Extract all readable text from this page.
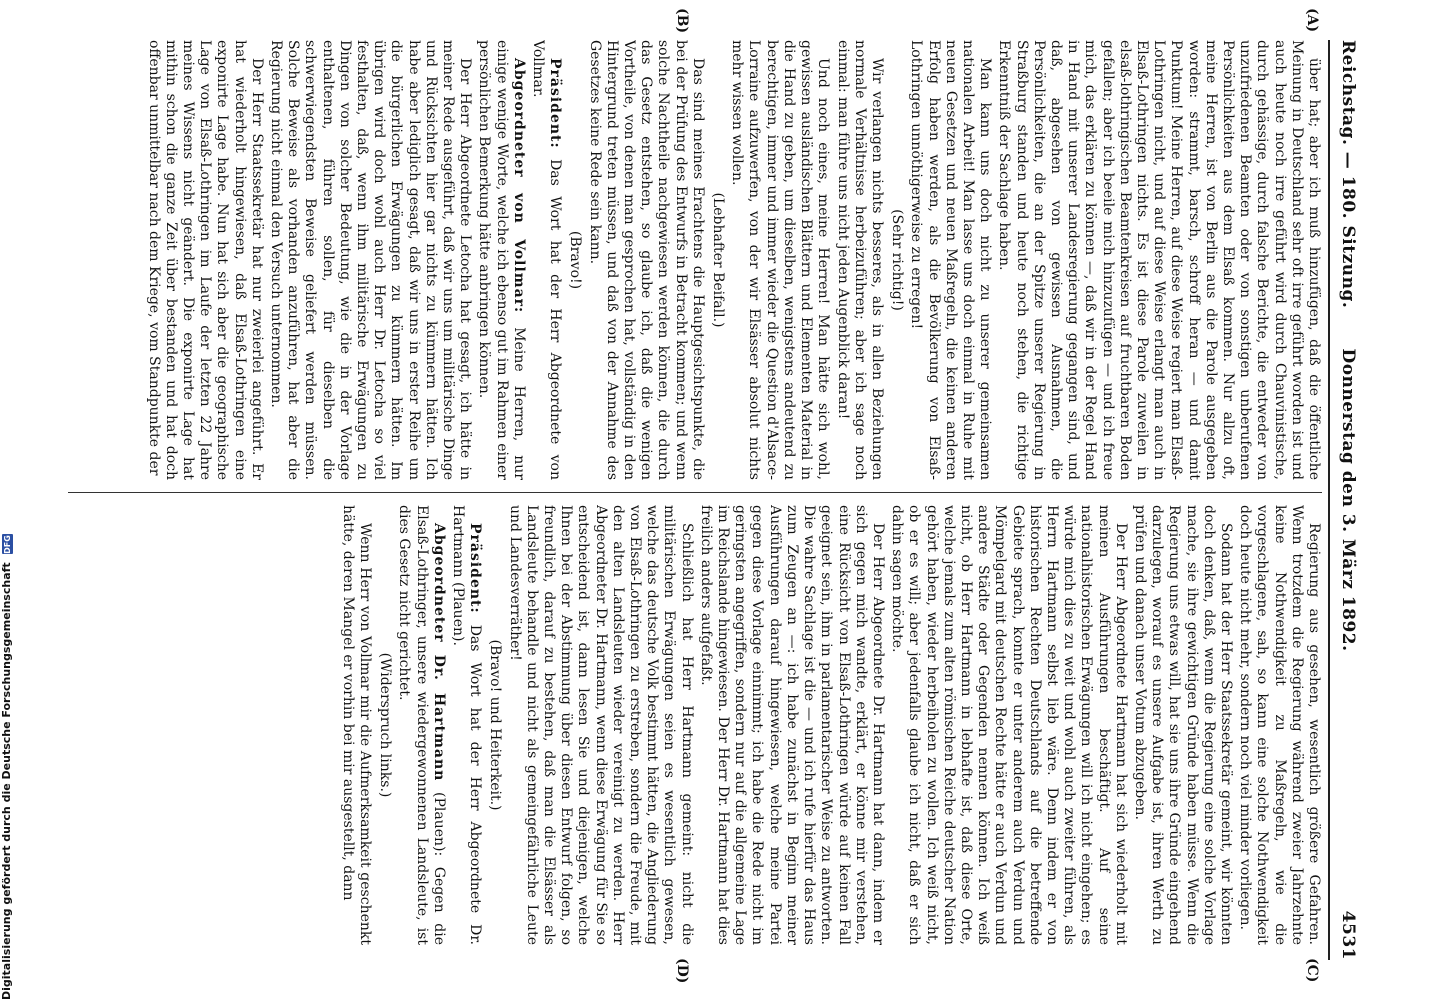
Reichstag. — 180. Sitzung.
Donnerstag den 3. März 1892.
4531
(A)
(B)
(C)
(D)

über hat; aber ich muß hinzufügen, daß die öffentliche Meinung in Deutschland sehr oft irre geführt worden ist und auch heute noch irre geführt wird durch Chauvinistische, durch gehässige, durch falsche Berichte, die entweder von unzufriedenen Beamten oder von sonstigen unberufenen Persönlichkeiten aus dem Elsaß kommen. Nur allzu oft, meine Herren, ist von Berlin aus die Parole ausgegeben worden: strammt, barsch, schroff heran — und damit Punktum! Meine Herren, auf diese Weise regiert man Elsaß-Lothringen nicht, und auf diese Weise erlangt man auch in Elsaß-Lothringen nichts. Es ist diese Parole zuweilen in elsaß-lothringischen Beamtenkreisen auf fruchtbaren Boden gefallen; aber ich beeile mich hinzuzufügen — und ich freue mich, das erklären zu können —, daß wir in der Regel Hand in Hand mit unserer Landesregierung gegangen sind, und daß, abgesehen von gewissen Ausnahmen, die Persönlichkeiten, die an der Spitze unserer Regierung in Straßburg standen und heute noch stehen, die richtige Erkenntniß der Sachlage haben.

Man kann uns doch nicht zu unserer gemeinsamen nationalen Arbeit! Man lasse uns doch einmal in Ruhe mit neuen Gesetzen und neuen Maßregeln, die keinen anderen Erfolg haben werden, als die Bevölkerung von Elsaß-Lothringen unnöthigerweise zu erregen!

(Sehr richtig!)

Wir verlangen nichts besseres, als in allen Beziehungen normale Verhältnisse herbeizuführen; aber ich sage noch einmal: man führe uns nicht jeden Augenblick daran!

Und noch eines, meine Herren! Man hätte sich wohl, gewissen ausländischen Blättern und Elementen Material in die Hand zu geben, um dieselben, wenigstens andeutend zu berechtigen, immer und immer wieder die Question d'Alsace-Lorraine aufzuwerfen, von der wir Elsässer absolut nichts mehr wissen wollen.

(Lebhafter Beifall.)

Das sind meines Erachtens die Hauptgesichtspunkte, die bei der Prüfung des Entwurfs in Betracht kommen; und wenn solche Nachtheile nachgewiesen werden können, die durch das Gesetz entstehen, so glaube ich, daß die wenigen Vortheile, von denen man gesprochen hat, vollständig in den Hintergrund treten müssen, und daß von der Annahme des Gesetzes keine Rede sein kann.

(Bravo!)

Präsident: Das Wort hat der Herr Abgeordnete von Vollmar.

Abgeordneter von Vollmar: Meine Herren, nur einige wenige Worte, welche ich ebenso gut im Rahmen einer persönlichen Bemerkung hätte anbringen können.

Der Herr Abgeordnete Letocha hat gesagt, ich hätte in meiner Rede ausgeführt, daß wir uns um militärische Dinge und Rücksichten hier gar nichts zu kümmern hätten. Ich habe aber lediglich gesagt, daß wir uns in erster Reihe um die bürgerlichen Erwägungen zu kümmern hätten. Im übrigen wird doch wohl auch Herr Dr. Letocha so viel festhalten, daß, wenn ihm militärische Erwägungen zu Dingen von solcher Bedeutung, wie die in der Vorlage enthaltenen, führen sollen, für dieselben die schwerwiegendsten Beweise geliefert werden müssen. Solche Beweise als vorhanden anzuführen, hat aber die Regierung nicht einmal den Versuch unternommen.

Der Herr Staatssekretär hat nur zweierlei angeführt. Er hat wiederholt hingewiesen, daß Elsaß-Lothringen eine exponirte Lage habe. Nun hat sich aber die geographische Lage von Elsaß-Lothringen im Laufe der letzten 22 Jahre meines Wissens nicht geändert. Die exponirte Lage hat mithin schon die ganze Zeit über bestanden und hat doch offenbar unmittelbar nach dem Kriege, vom Standpunkte der

Regierung aus gesehen, wesentlich größere Gefahren. Wenn trotzdem die Regierung während zweier Jahrzehnte keine Nothwendigkeit zu Maßregeln, wie die vorgeschlagene, sah, so kann eine solche Nothwendigkeit doch heute nicht mehr, sondern noch viel minder vorliegen.

Sodann hat der Herr Staatssekretär gemeint, wir könnten doch denken, daß, wenn die Regierung eine solche Vorlage mache, sie ihre gewichtigen Gründe haben müsse. Wenn die Regierung uns etwas will, hat sie uns ihre Gründe eingehend darzulegen, worauf es unsere Aufgabe ist, ihren Werth zu prüfen und danach unser Votum abzugeben.

Der Herr Abgeordnete Hartmann hat sich wiederholt mit meinen Ausführungen beschäftigt. Auf seine nationalhistorischen Erwägungen will ich nicht eingehen; es würde mich dies zu weit und wohl auch zweiter führen, als Herrn Hartmann selbst lieb wäre. Denn indem er von historischen Rechten Deutschlands auf die betreffende Gebiete sprach, konnte er unter anderem auch Verdun und Mömpelgard mit deutschen Rechte hätte er auch Verdun und andere Städte oder Gegenden nennen können. Ich weiß nicht, ob Herr Hartmann in lebhafte ist, daß diese Orte, welche jemals zum alten römischen Reiche deutscher Nation gehört haben, wieder herbeiholen zu wollen. Ich weiß nicht, ob er es will; aber jedenfalls glaube ich nicht, daß er sich dahin sagen möchte.

Der Herr Abgeordnete Dr. Hartmann hat dann, indem er sich gegen mich wandte, erklärt, er könne mir verstehen, eine Rücksicht von Elsaß-Lothringen würde auf keinen Fall geeignet sein, ihm in parlamentarischer Weise zu antworten. Die wahre Sachlage ist die — und ich rufe hierfür das Haus zum Zeugen an —: ich habe zunächst in Beginn meiner Ausführungen darauf hingewiesen, welche meine Partei gegen diese Vorlage einnimmt; ich habe die Rede nicht im geringsten angegriffen, sondern nur auf die allgemeine Lage im Reichslande hingewiesen. Der Herr Dr. Hartmann hat dies freilich anders aufgefaßt.

Schließlich hat Herr Hartmann gemeint: nicht die militärischen Erwägungen seien es wesentlich gewesen, welche das deutsche Volk bestimmt hätten, die Angliederung von Elsaß-Lothringen zu erstreben, sondern die Freude, mit den alten Landsleuten wieder vereinigt zu werden. Herr Abgeordneter Dr. Hartmann, wenn diese Erwägung für Sie so entscheidend ist, dann lesen Sie und diejenigen, welche Ihnen bei der Abstimmung über diesen Entwurf folgen, so freundlich, darauf zu bestehen, daß man die Elsässer als Landsleute behandle und nicht als gemeingefährliche Leute und Landesverräther!

(Bravo! und Heiterkeit.)

Präsident: Das Wort hat der Herr Abgeordnete Dr. Hartmann (Plauen).

Abgeordneter Dr. Hartmann (Plauen): Gegen die Elsaß-Lothringer, unsere wiedergewonnenen Landsleute, ist dies Gesetz nicht gerichtet.

(Widerspruch links.)

Wenn Herr von Vollmar mir die Aufmerksamkeit geschenkt hätte, deren Mangel er vorhin bei mir ausgestellt, dann

Digitalisierung gefördert durch die Deutsche Forschungsgemeinschaft DFG
